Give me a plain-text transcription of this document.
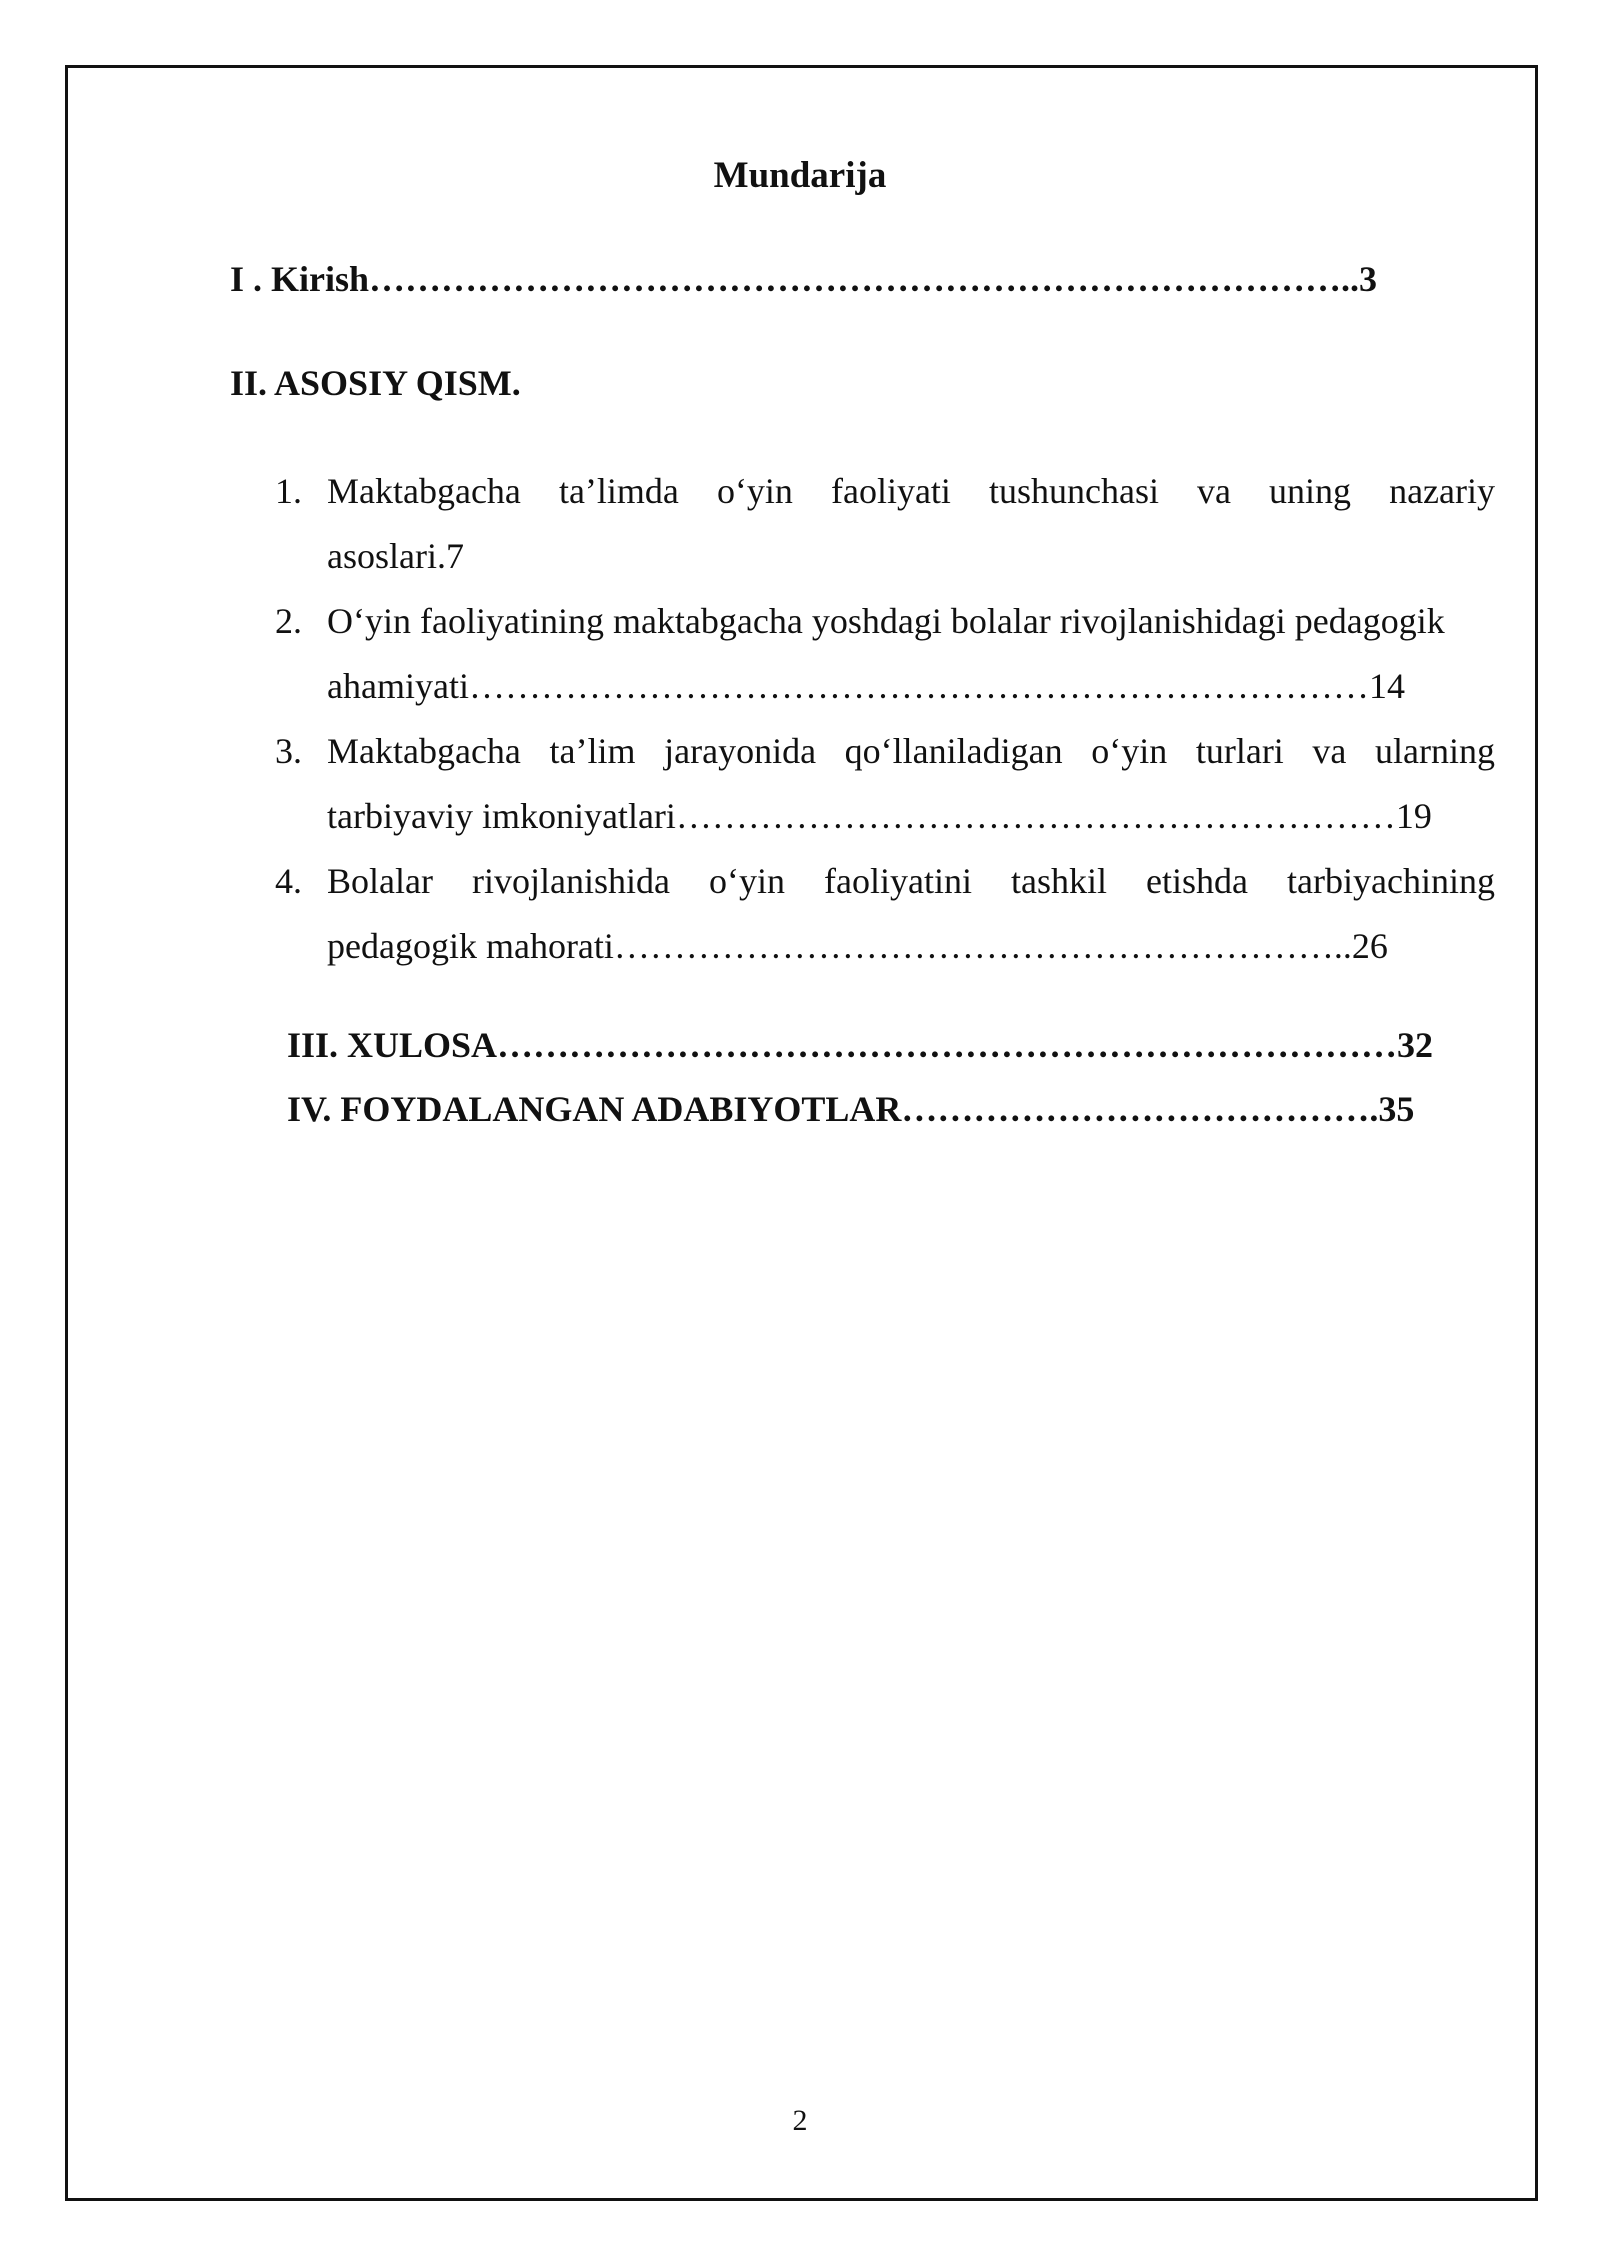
Mundarija
I . Kirish………………………………………………………………………..3
II. ASOSIY QISM.
1. Maktabgacha ta’limda o‘yin faoliyati tushunchasi va uning nazariy
asoslari.7
2. O‘yin faoliyatining maktabgacha yoshdagi bolalar rivojlanishidagi pedagogik
ahamiyati…………………………………………………………………14
3. Maktabgacha ta’lim jarayonida qo‘llaniladigan o‘yin turlari va ularning
tarbiyaviy imkoniyatlari……………………………………………………19
4. Bolalar rivojlanishida o‘yin faoliyatini tashkil etishda tarbiyachining
pedagogik mahorati……………………………………………………..26
III. XULOSA…………………………………………………………………32
IV. FOYDALANGAN ADABIYOTLAR………………………………….35
2
